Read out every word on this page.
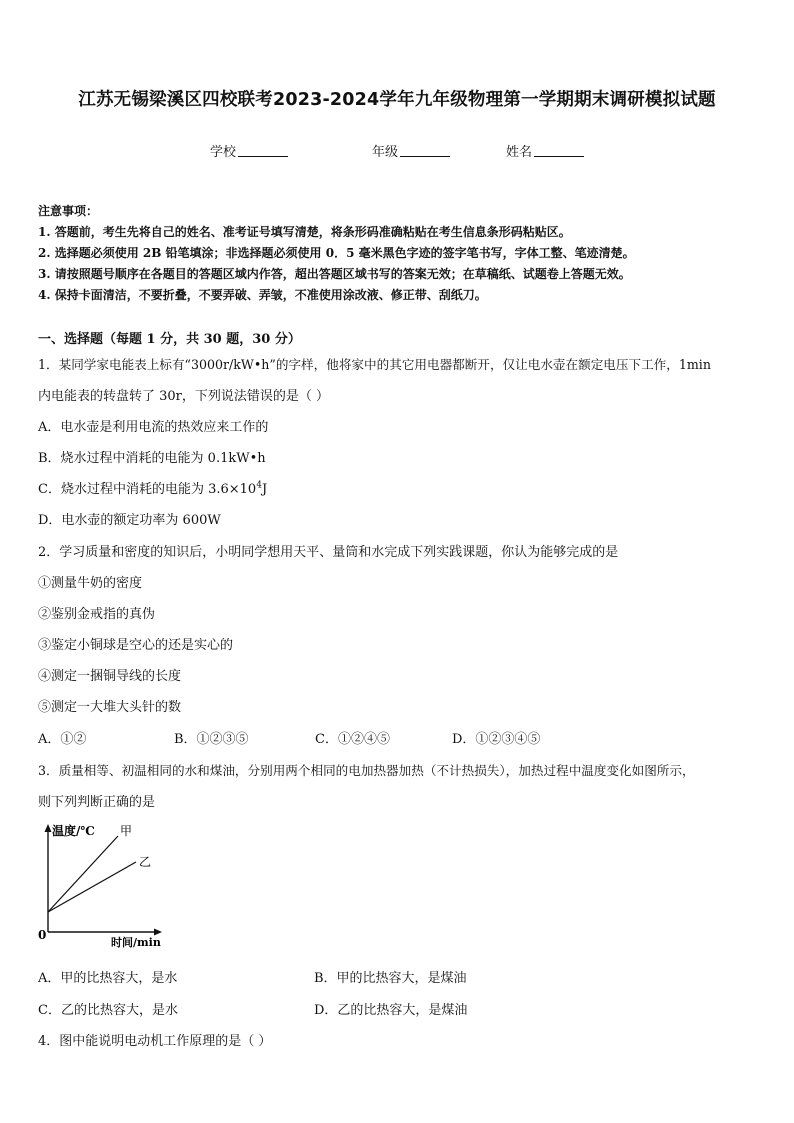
江苏无锡梁溪区四校联考2023-2024学年九年级物理第一学期期末调研模拟试题
学校	年级	姓名
注意事项：
1. 答题前，考生先将自己的姓名、准考证号填写清楚，将条形码准确粘贴在考生信息条形码粘贴区。
2. 选择题必须使用 2B 铅笔填涂；非选择题必须使用 0．5 毫米黑色字迹的签字笔书写，字体工整、笔迹清楚。
3. 请按照题号顺序在各题目的答题区域内作答，超出答题区域书写的答案无效；在草稿纸、试题卷上答题无效。
4. 保持卡面清洁，不要折叠，不要弄破、弄皱，不准使用涂改液、修正带、刮纸刀。
一、选择题（每题 1 分，共 30 题，30 分）
1．某同学家电能表上标有“3000r/kW•h”的字样，他将家中的其它用电器都断开，仅让电水壶在额定电压下工作，1min
内电能表的转盘转了 30r，下列说法错误的是（ ）
A．电水壶是利用电流的热效应来工作的
B．烧水过程中消耗的电能为 0.1kW•h
C．烧水过程中消耗的电能为 $3.6\times 10^4J$
D．电水壶的额定功率为 600W
2．学习质量和密度的知识后，小明同学想用天平、量筒和水完成下列实践课题，你认为能够完成的是
①测量牛奶的密度
②鉴别金戒指的真伪
③鉴定小铜球是空心的还是实心的
④测定一捆铜导线的长度
⑤测定一大堆大头针的数
A．①②	B．①②③⑤	C．①②④⑤	D．①②③④⑤
3．质量相等、初温相同的水和煤油，分别用两个相同的电加热器加热（不计热损失），加热过程中温度变化如图所示，
则下列判断正确的是
温度/℃ 甲
乙
0
时间/min
A．甲的比热容大，是水	B．甲的比热容大，是煤油
C．乙的比热容大，是水	D．乙的比热容大，是煤油
4．图中能说明电动机工作原理的是（ ）
